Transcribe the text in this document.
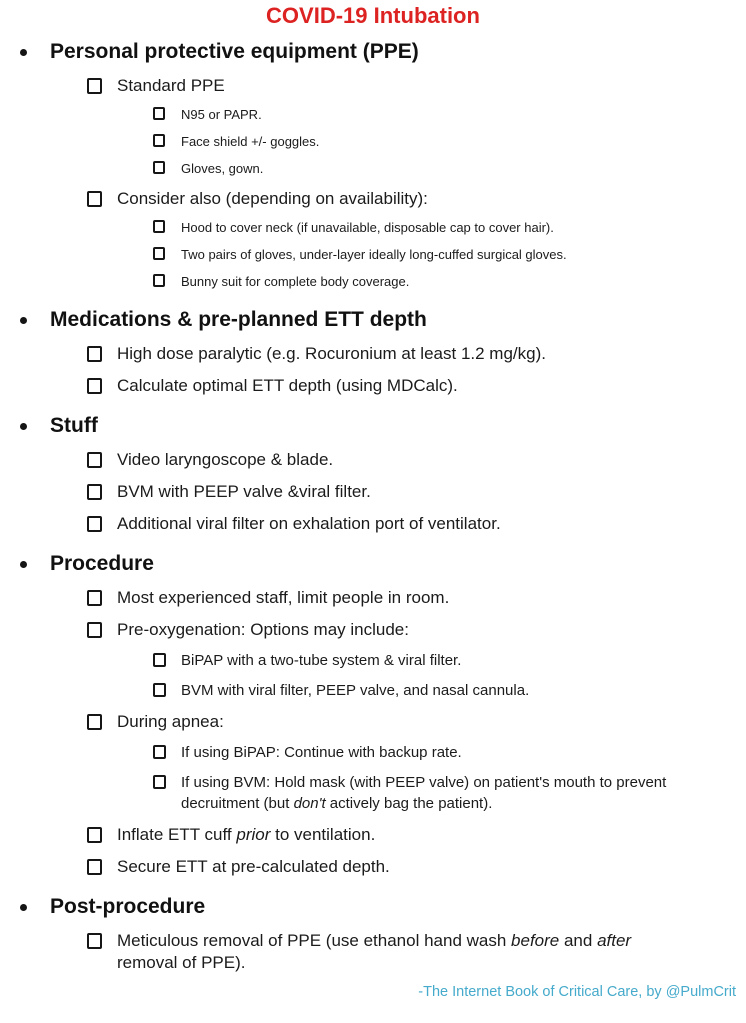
COVID-19 Intubation
Personal protective equipment (PPE)
Standard PPE
N95 or PAPR.
Face shield +/- goggles.
Gloves, gown.
Consider also (depending on availability):
Hood to cover neck (if unavailable, disposable cap to cover hair).
Two pairs of gloves, under-layer ideally long-cuffed surgical gloves.
Bunny suit for complete body coverage.
Medications & pre-planned ETT depth
High dose paralytic (e.g. Rocuronium at least 1.2 mg/kg).
Calculate optimal ETT depth (using MDCalc).
Stuff
Video laryngoscope & blade.
BVM with PEEP valve &viral filter.
Additional viral filter on exhalation port of ventilator.
Procedure
Most experienced staff, limit people in room.
Pre-oxygenation: Options may include:
BiPAP with a two-tube system & viral filter.
BVM with viral filter, PEEP valve, and nasal cannula.
During apnea:
If using BiPAP: Continue with backup rate.
If using BVM: Hold mask (with PEEP valve) on patient's mouth to prevent
decruitment (but don't actively bag the patient).
Inflate ETT cuff prior to ventilation.
Secure ETT at pre-calculated depth.
Post-procedure
Meticulous removal of PPE (use ethanol hand wash before and after
removal of PPE).
-The Internet Book of Critical Care, by @PulmCrit
